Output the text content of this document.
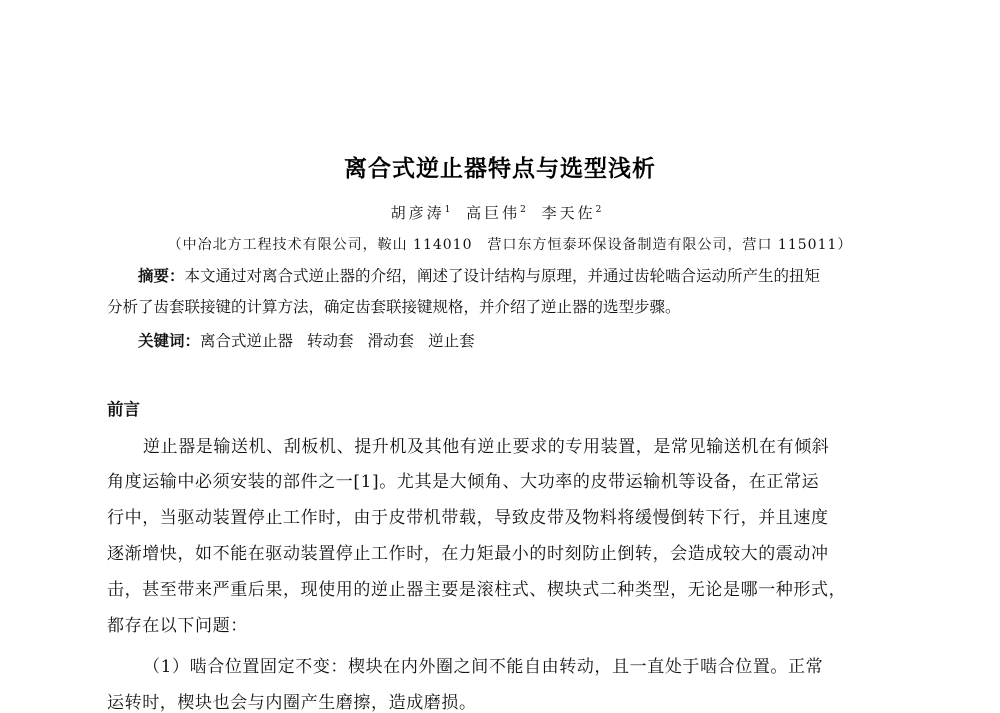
离合式逆止器特点与选型浅析
胡彦涛$^1$ 高巨伟$^2$ 李天佐$^2$
（中冶北方工程技术有限公司，鞍山 114010　营口东方恒泰环保设备制造有限公司，营口 115011）
摘要：本文通过对离合式逆止器的介绍，阐述了设计结构与原理，并通过齿轮啮合运动所产生的扭矩
分析了齿套联接键的计算方法，确定齿套联接键规格，并介绍了逆止器的选型步骤。
关键词：离合式逆止器 转动套 滑动套 逆止套
前言
逆止器是输送机、刮板机、提升机及其他有逆止要求的专用装置，是常见输送机在有倾斜
角度运输中必须安装的部件之一[1]。尤其是大倾角、大功率的皮带运输机等设备，在正常运
行中，当驱动装置停止工作时，由于皮带机带载，导致皮带及物料将缓慢倒转下行，并且速度
逐渐增快，如不能在驱动装置停止工作时，在力矩最小的时刻防止倒转，会造成较大的震动冲
击，甚至带来严重后果，现使用的逆止器主要是滚柱式、楔块式二种类型，无论是哪一种形式，
都存在以下问题：
（1）啮合位置固定不变：楔块在内外圈之间不能自由转动，且一直处于啮合位置。正常
运转时，楔块也会与内圈产生磨擦，造成磨损。
